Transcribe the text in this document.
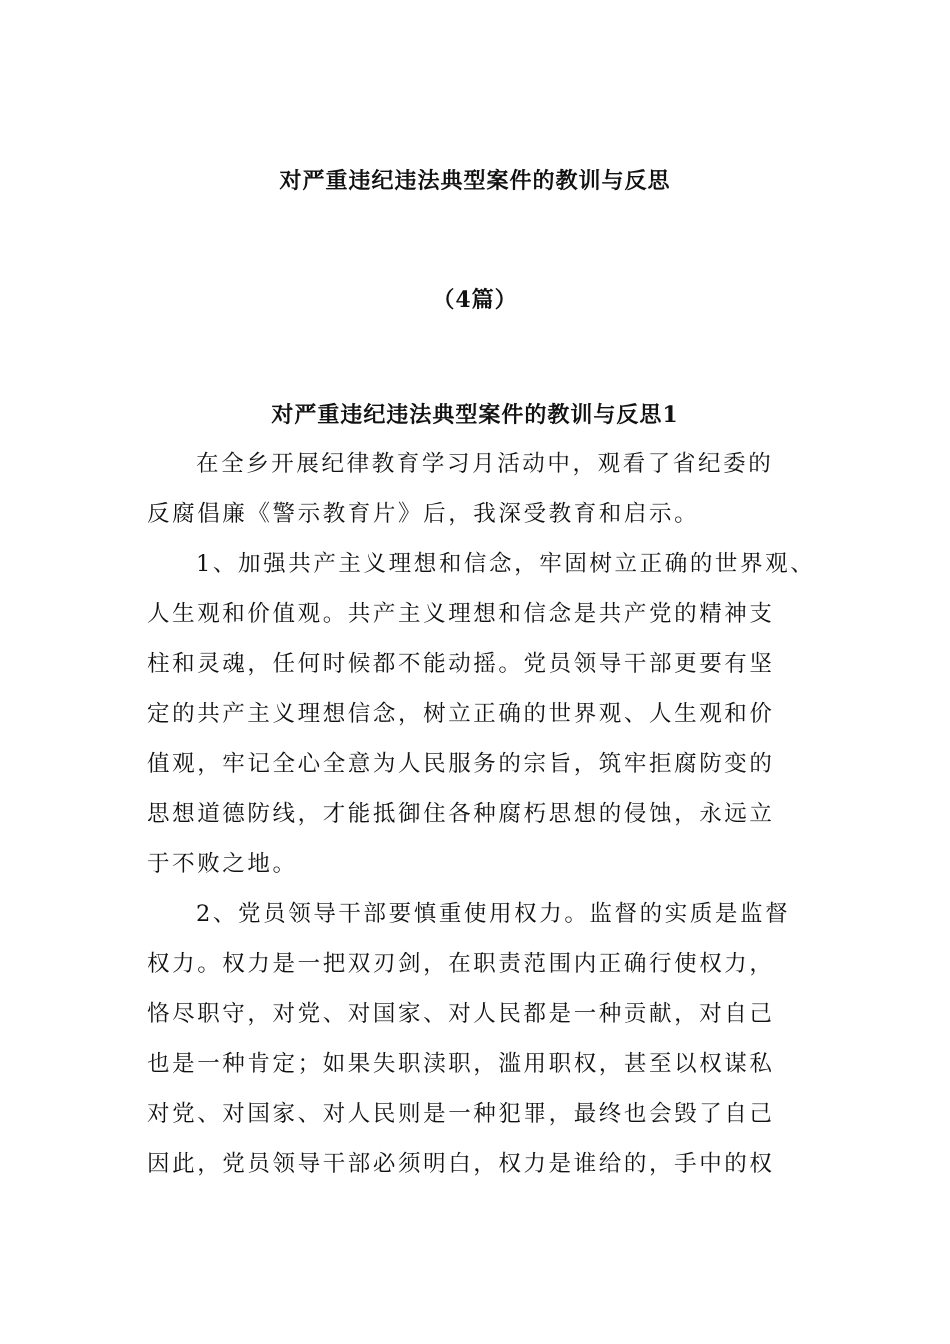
对严重违纪违法典型案件的教训与反思
（4篇）
对严重违纪违法典型案件的教训与反思1

在全乡开展纪律教育学习月活动中，观看了省纪委的

反腐倡廉《警示教育片》后，我深受教育和启示。

1、加强共产主义理想和信念，牢固树立正确的世界观、

人生观和价值观。共产主义理想和信念是共产党的精神支

柱和灵魂，任何时候都不能动摇。党员领导干部更要有坚

定的共产主义理想信念，树立正确的世界观、人生观和价

值观，牢记全心全意为人民服务的宗旨，筑牢拒腐防变的

思想道德防线，才能抵御住各种腐朽思想的侵蚀，永远立

于不败之地。

2、党员领导干部要慎重使用权力。监督的实质是监督

权力。权力是一把双刃剑，在职责范围内正确行使权力，

恪尽职守，对党、对国家、对人民都是一种贡献，对自己

也是一种肯定；如果失职渎职，滥用职权，甚至以权谋私

对党、对国家、对人民则是一种犯罪，最终也会毁了自己

因此，党员领导干部必须明白，权力是谁给的，手中的权
